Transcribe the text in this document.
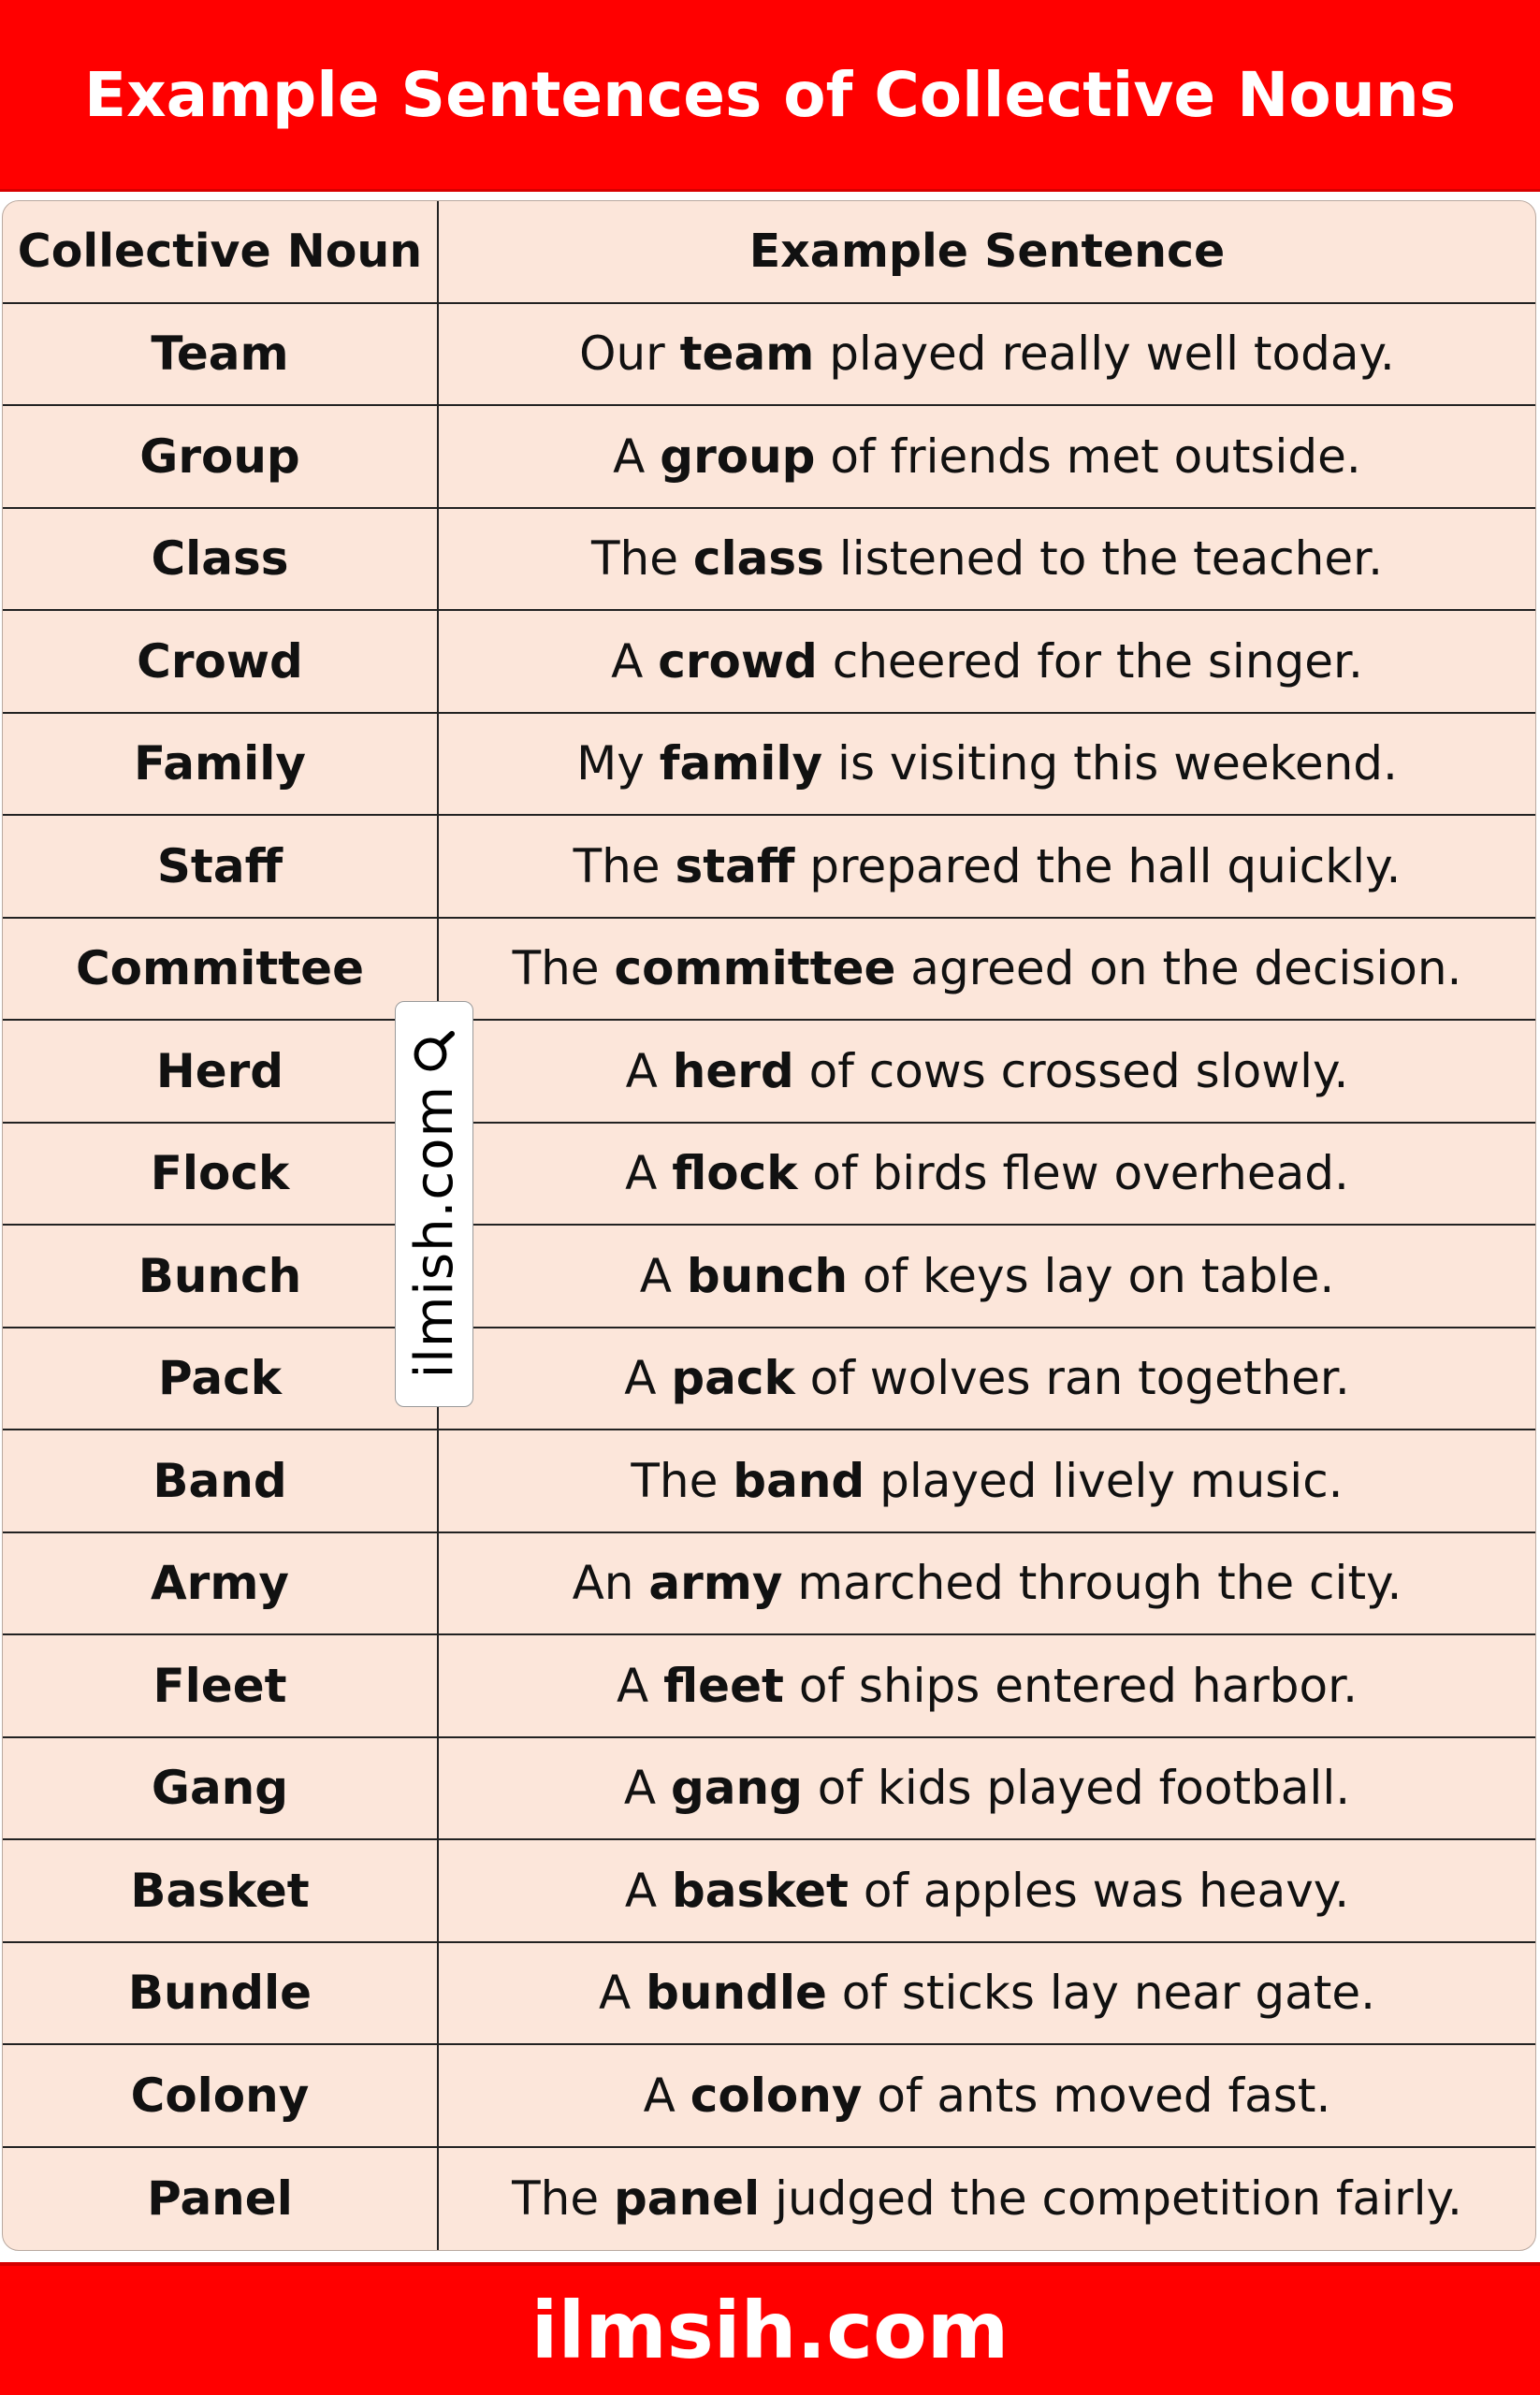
Example Sentences of Collective Nouns
Collective Noun	Example Sentence
Team	Our team played really well today.
Group	A group of friends met outside.
Class	The class listened to the teacher.
Crowd	A crowd cheered for the singer.
Family	My family is visiting this weekend.
Staff	The staff prepared the hall quickly.
Committee	The committee agreed on the decision.
Herd	A herd of cows crossed slowly.
Flock	A flock of birds flew overhead.
Bunch	A bunch of keys lay on table.
Pack	A pack of wolves ran together.
Band	The band played lively music.
Army	An army marched through the city.
Fleet	A fleet of ships entered harbor.
Gang	A gang of kids played football.
Basket	A basket of apples was heavy.
Bundle	A bundle of sticks lay near gate.
Colony	A colony of ants moved fast.
Panel	The panel judged the competition fairly.
ilmish.com
ilmsih.com
